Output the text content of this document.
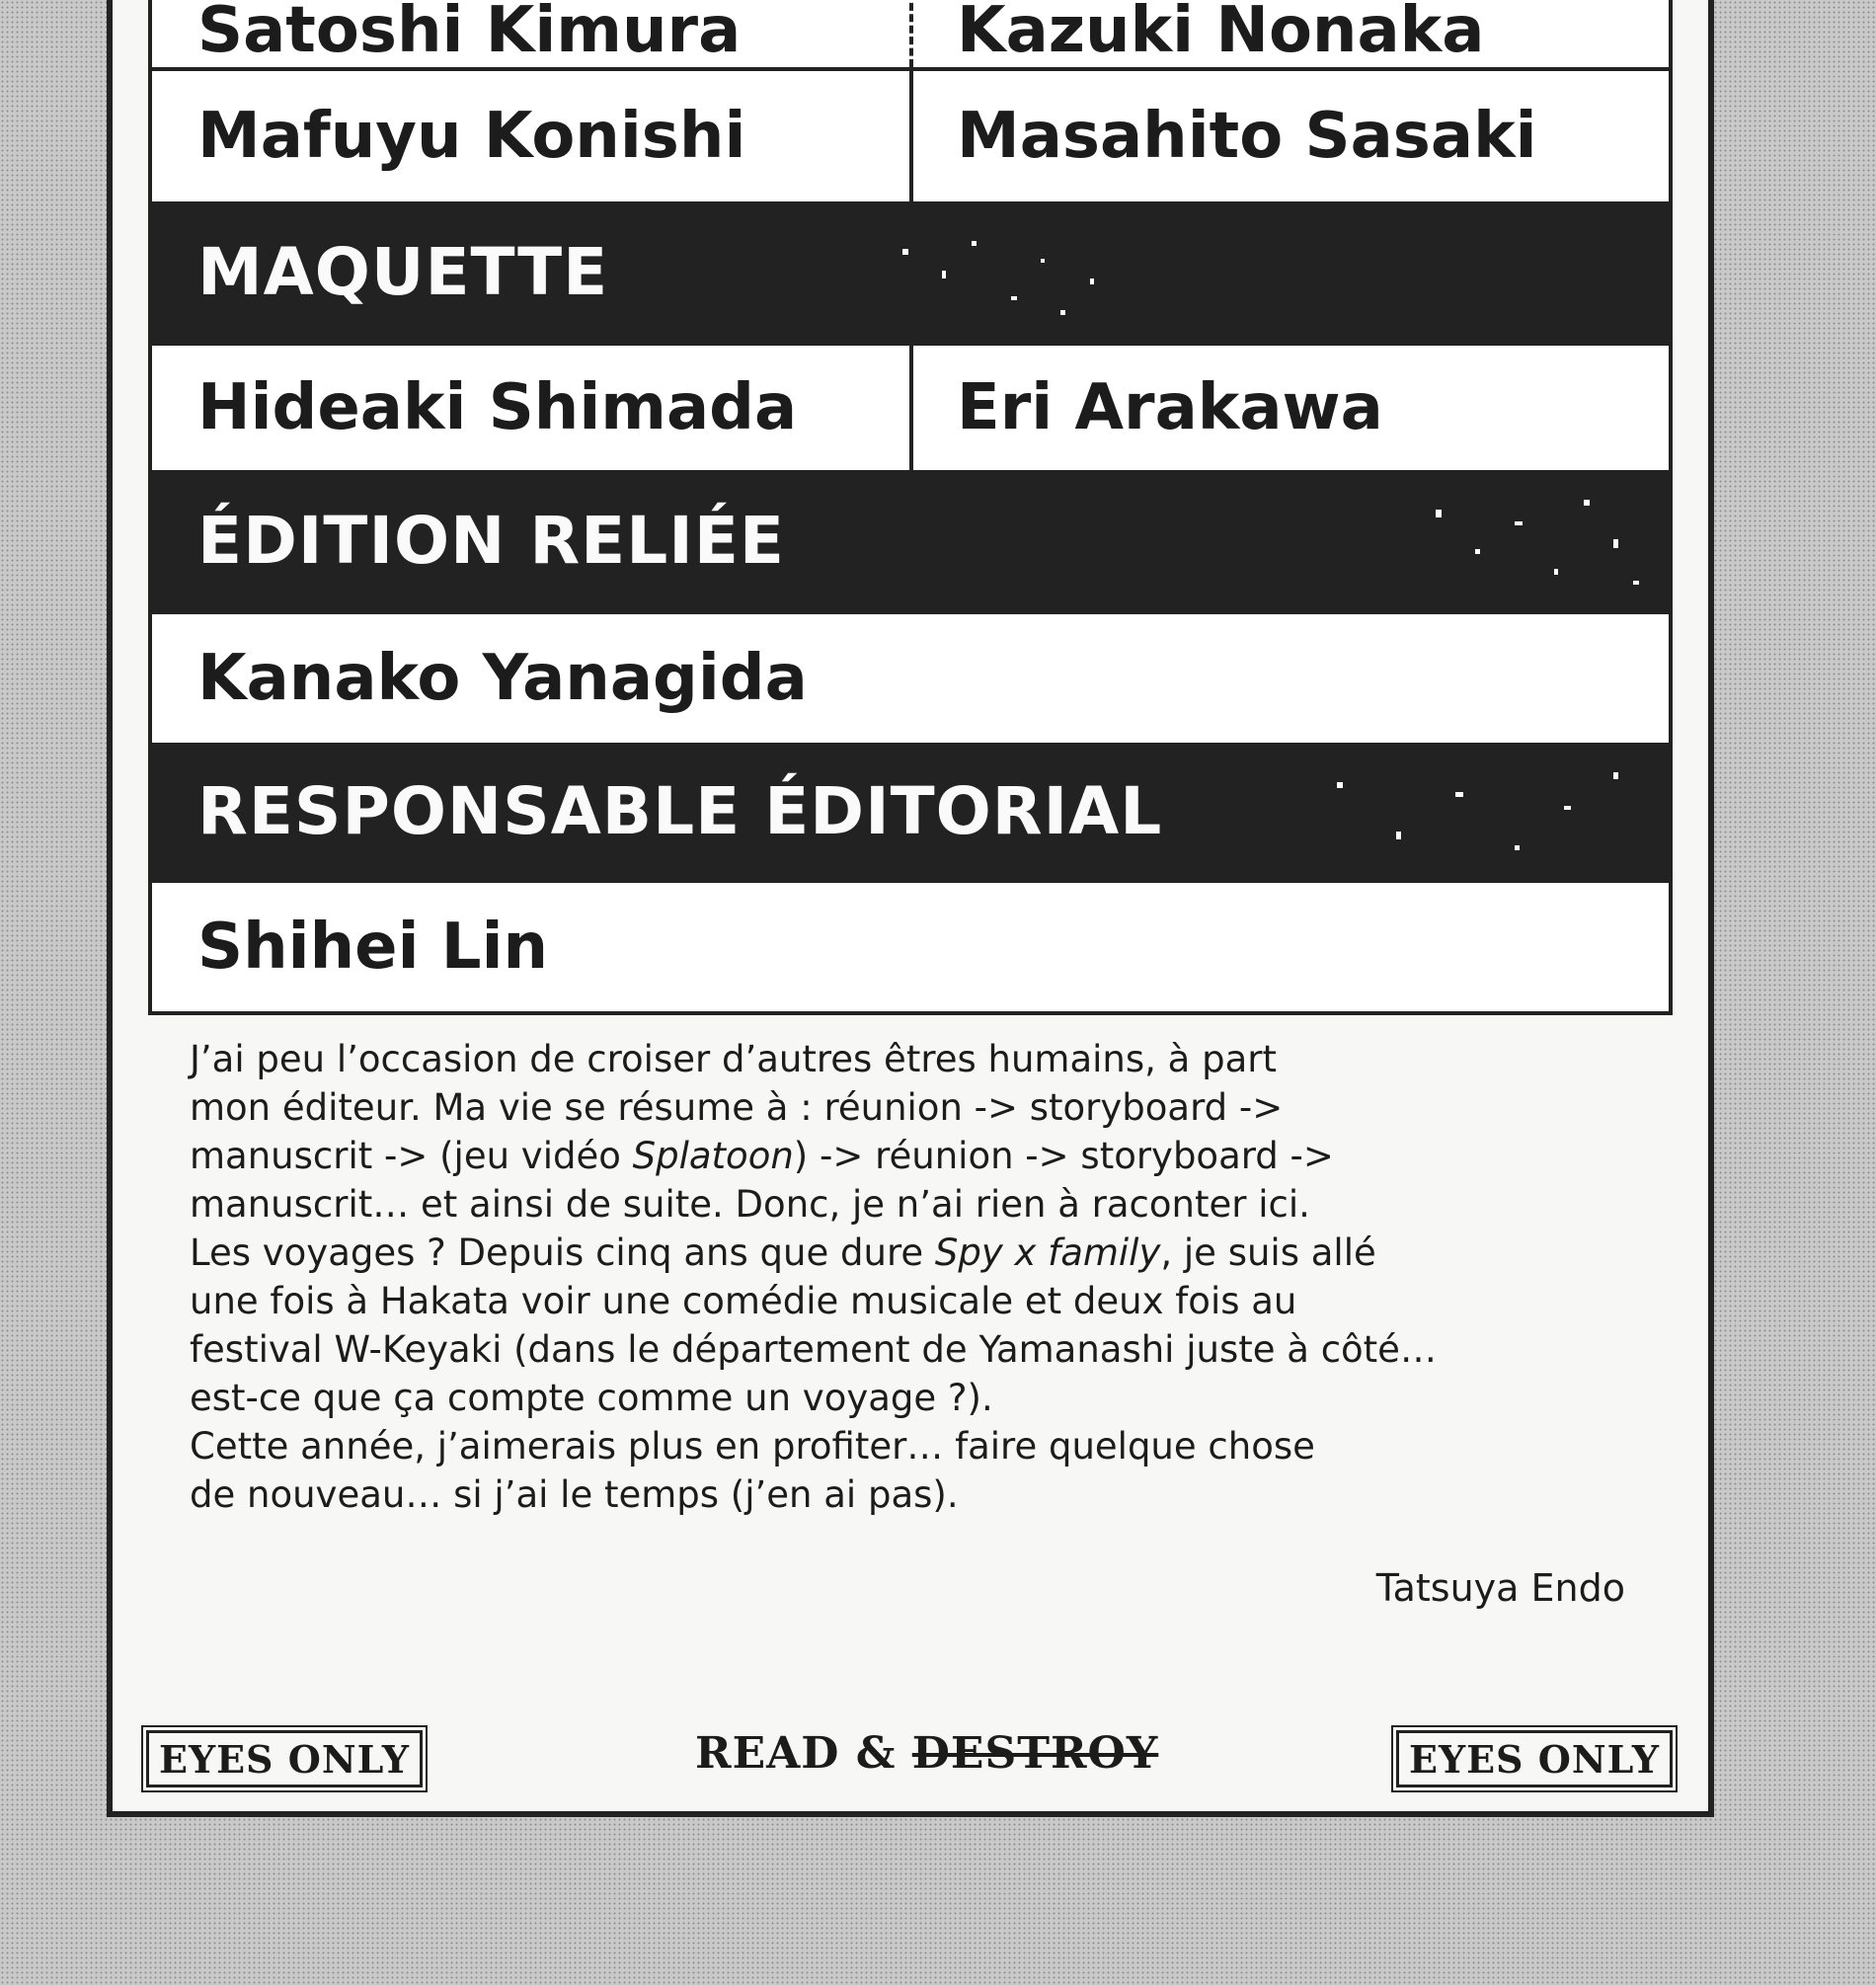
Satoshi Kimura	Kazuki Nonaka
Mafuyu Konishi	Masahito Sasaki
MAQUETTE
Hideaki Shimada	Eri Arakawa
ÉDITION RELIÉE
Kanako Yanagida
RESPONSABLE ÉDITORIAL
Shihei Lin

J’ai peu l’occasion de croiser d’autres êtres humains, à part

mon éditeur. Ma vie se résume à : réunion -> storyboard ->

manuscrit -> (jeu vidéo Splatoon) -> réunion -> storyboard ->

manuscrit… et ainsi de suite. Donc, je n’ai rien à raconter ici.

Les voyages ? Depuis cinq ans que dure Spy x family, je suis allé

une fois à Hakata voir une comédie musicale et deux fois au

festival W-Keyaki (dans le département de Yamanashi juste à côté…

est-ce que ça compte comme un voyage ?).

Cette année, j’aimerais plus en profiter… faire quelque chose

de nouveau… si j’ai le temps (j’en ai pas).

Tatsuya Endo
EYES ONLY	READ & DESTROY	EYES ONLY
